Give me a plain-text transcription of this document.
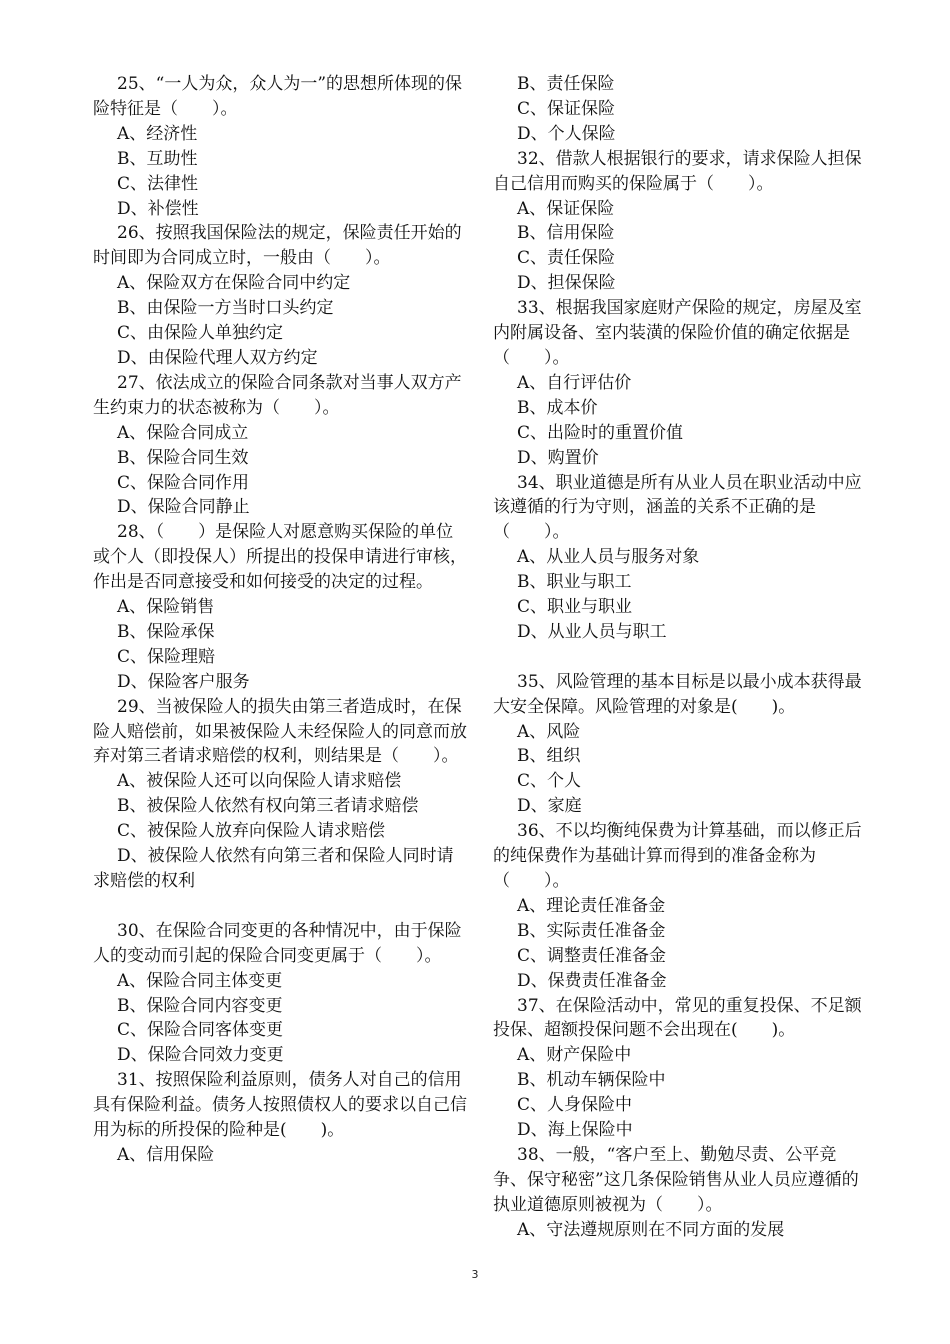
25、“一人为众，众人为一”的思想所体现的保险特征是（　　）。
A、经济性
B、互助性
C、法律性
D、补偿性
26、按照我国保险法的规定，保险责任开始的时间即为合同成立时，一般由（　　）。
A、保险双方在保险合同中约定
B、由保险一方当时口头约定
C、由保险人单独约定
D、由保险代理人双方约定
27、依法成立的保险合同条款对当事人双方产生约束力的状态被称为（　　）。
A、保险合同成立
B、保险合同生效
C、保险合同作用
D、保险合同静止
28、（　　）是保险人对愿意购买保险的单位或个人（即投保人）所提出的投保申请进行审核，作出是否同意接受和如何接受的决定的过程。
A、保险销售
B、保险承保
C、保险理赔
D、保险客户服务
29、当被保险人的损失由第三者造成时，在保险人赔偿前，如果被保险人未经保险人的同意而放弃对第三者请求赔偿的权利，则结果是（　　）。
A、被保险人还可以向保险人请求赔偿
B、被保险人依然有权向第三者请求赔偿
C、被保险人放弃向保险人请求赔偿
D、被保险人依然有向第三者和保险人同时请求赔偿的权利
30、在保险合同变更的各种情况中，由于保险人的变动而引起的保险合同变更属于（　　）。
A、保险合同主体变更
B、保险合同内容变更
C、保险合同客体变更
D、保险合同效力变更
31、按照保险利益原则，债务人对自己的信用具有保险利益。债务人按照债权人的要求以自己信用为标的所投保的险种是(　　)。
A、信用保险
B、责任保险
C、保证保险
D、个人保险
32、借款人根据银行的要求，请求保险人担保自己信用而购买的保险属于（　　）。
A、保证保险
B、信用保险
C、责任保险
D、担保保险
33、根据我国家庭财产保险的规定，房屋及室内附属设备、室内装潢的保险价值的确定依据是（　　）。
A、自行评估价
B、成本价
C、出险时的重置价值
D、购置价
34、职业道德是所有从业人员在职业活动中应该遵循的行为守则，涵盖的关系不正确的是（　　）。
A、从业人员与服务对象
B、职业与职工
C、职业与职业
D、从业人员与职工
35、风险管理的基本目标是以最小成本获得最大安全保障。风险管理的对象是(　　)。
A、风险
B、组织
C、个人
D、家庭
36、不以均衡纯保费为计算基础，而以修正后的纯保费作为基础计算而得到的准备金称为（　　）。
A、理论责任准备金
B、实际责任准备金
C、调整责任准备金
D、保费责任准备金
37、在保险活动中，常见的重复投保、不足额投保、超额投保问题不会出现在(　　)。
A、财产保险中
B、机动车辆保险中
C、人身保险中
D、海上保险中
38、一般，“客户至上、勤勉尽责、公平竞争、保守秘密”这几条保险销售从业人员应遵循的执业道德原则被视为（　　）。
A、守法遵规原则在不同方面的发展
3
